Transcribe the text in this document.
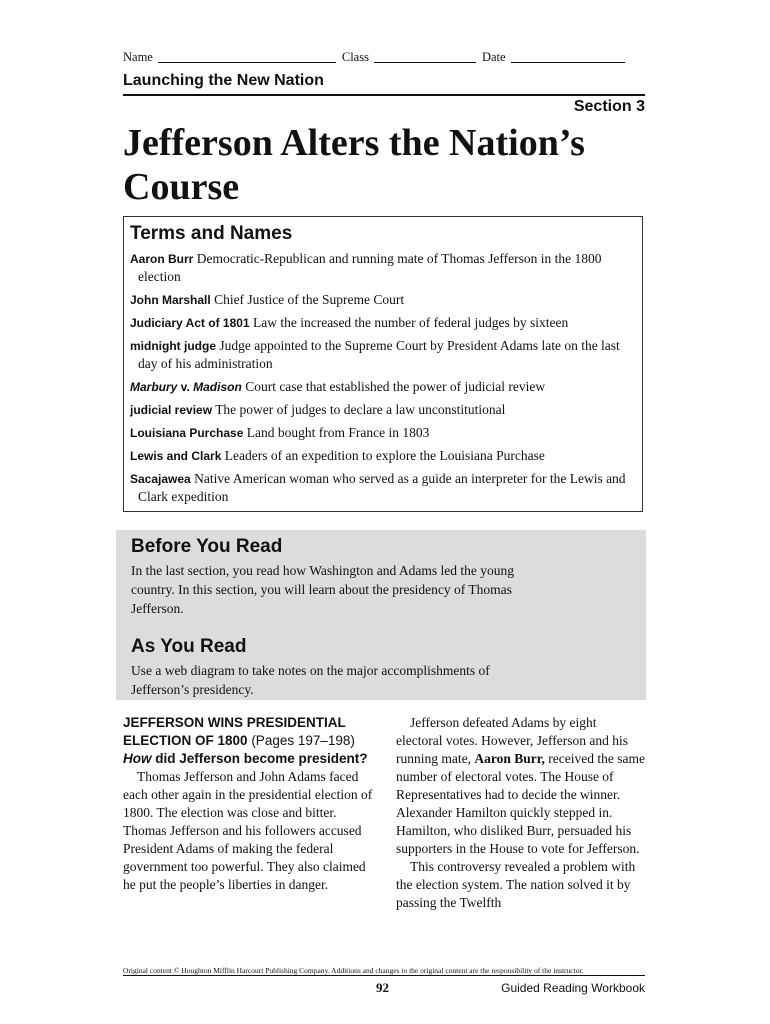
Name	Class	Date
Launching the New Nation
Section 3
Jefferson Alters the Nation’s Course
Terms and Names

Aaron Burr Democratic-Republican and running mate of Thomas Jefferson in the 1800 election

John Marshall Chief Justice of the Supreme Court

Judiciary Act of 1801 Law the increased the number of federal judges by sixteen

midnight judge Judge appointed to the Supreme Court by President Adams late on the last day of his administration

Marbury v. Madison Court case that established the power of judicial review

judicial review The power of judges to declare a law unconstitutional

Louisiana Purchase Land bought from France in 1803

Lewis and Clark Leaders of an expedition to explore the Louisiana Purchase

Sacajawea Native American woman who served as a guide an interpreter for the Lewis and Clark expedition

Before You Read

In the last section, you read how Washington and Adams led the young country. In this section, you will learn about the presidency of Thomas Jefferson.

As You Read

Use a web diagram to take notes on the major accomplishments of Jefferson’s presidency.

JEFFERSON WINS PRESIDENTIAL ELECTION OF 1800 (Pages 197–198)

How did Jefferson become president?

Thomas Jefferson and John Adams faced each other again in the presidential election of 1800. The election was close and bitter. Thomas Jefferson and his followers accused President Adams of making the federal government too powerful. They also claimed he put the people’s liberties in danger.

Jefferson defeated Adams by eight electoral votes. However, Jefferson and his running mate, Aaron Burr, received the same number of electoral votes. The House of Representatives had to decide the winner. Alexander Hamilton quickly stepped in. Hamilton, who disliked Burr, persuaded his supporters in the House to vote for Jefferson.

This controversy revealed a problem with the election system. The nation solved it by passing the Twelfth

Original content © Houghton Mifflin Harcourt Publishing Company. Additions and changes to the original content are the responsibility of the instructor.
92	Guided Reading Workbook
